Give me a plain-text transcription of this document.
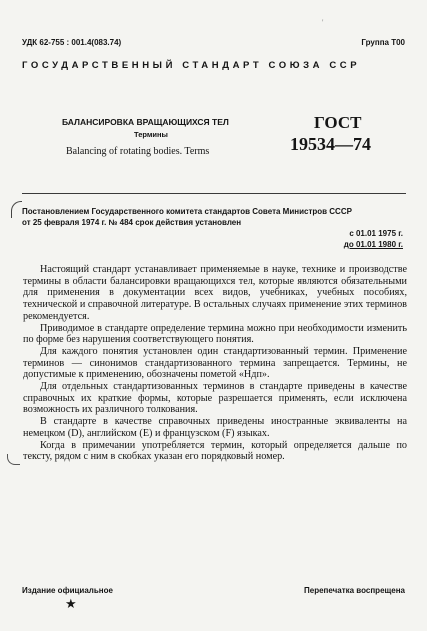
'
УДК 62-755 : 001.4(083.74)	Группа Т00
ГОСУДАРСТВЕННЫЙ СТАНДАРТ СОЮЗА ССР
БАЛАНСИРОВКА ВРАЩАЮЩИХСЯ ТЕЛ
Термины
Balancing of rotating bodies. Terms
ГОСТ
19534—74
Постановлением Государственного комитета стандартов Совета Министров СССР
от 25 февраля 1974 г. № 484 срок действия установлен
с 01.01 1975 г.
до 01.01 1980 г.

Настоящий стандарт устанавливает применяемые в науке, технике и производстве термины в области балансировки вращающихся тел, которые являются обязательными для применения в документации всех видов, учебниках, учебных пособиях, технической и справочной литературе. В остальных случаях применение этих терминов рекомендуется.

Приводимое в стандарте определение термина можно при необходимости изменить по форме без нарушения соответствующего понятия.

Для каждого понятия установлен один стандартизованный термин. Применение терминов — синонимов стандартизованного термина запрещается. Термины, не допустимые к применению, обозначены пометой «Ндп».

Для отдельных стандартизованных терминов в стандарте приведены в качестве справочных их краткие формы, которые разрешается применять, если исключена возможность их различного толкования.

В стандарте в качестве справочных приведены иностранные эквиваленты на немецком (D), английском (E) и французском (F) языках.

Когда в примечании употребляется термин, который определяется дальше по тексту, рядом с ним в скобках указан его порядковый номер.

Издание официальное	Перепечатка воспрещена
★
